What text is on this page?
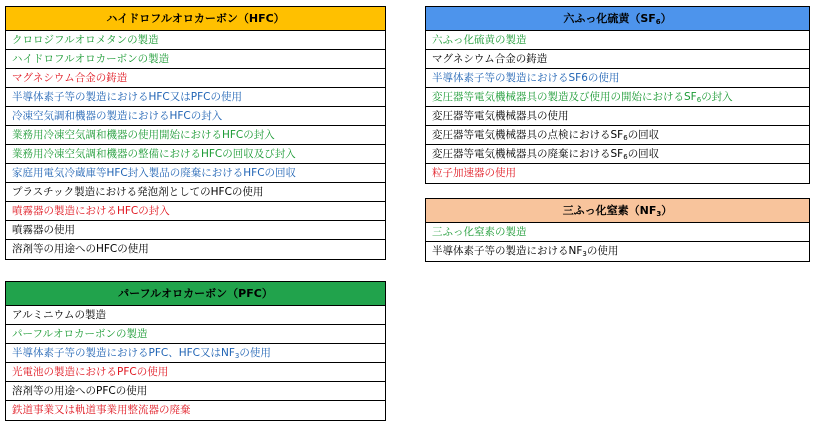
ハイドロフルオロカーボン（HFC）
クロロジフルオロメタンの製造
ハイドロフルオロカーボンの製造
マグネシウム合金の鋳造
半導体素子等の製造におけるHFC又はPFCの使用
冷凍空気調和機器の製造におけるHFCの封入
業務用冷凍空気調和機器の使用開始におけるHFCの封入
業務用冷凍空気調和機器の整備におけるHFCの回収及び封入
家庭用電気冷蔵庫等HFC封入製品の廃棄におけるHFCの回収
プラスチック製造における発泡剤としてのHFCの使用
噴霧器の製造におけるHFCの封入
噴霧器の使用
溶剤等の用途へのHFCの使用
六ふっ化硫黄$(SF_6)$
六ふっ化硫黄の製造
マグネシウム合金の鋳造
半導体素子等の製造におけるSF6の使用
変圧器等電気機械器具の製造及び使用の開始における$SF_6$の封入
変圧器等電気機械器具の使用
変圧器等電気機械器具の点検における$SF_6$の回収
変圧器等電気機械器具の廃棄における$SF_6$の回収
粒子加速器の使用
三ふっ化窒素$(NF_3)$
三ふっ化窒素の製造
半導体素子等の製造における$NF_3$の使用
パーフルオロカーボン（PFC）
アルミニウムの製造
パーフルオロカーボンの製造
半導体素子等の製造におけるPFC、HFC又は$NF_3$の使用
光電池の製造におけるPFCの使用
溶剤等の用途へのPFCの使用
鉄道事業又は軌道事業用整流器の廃棄
